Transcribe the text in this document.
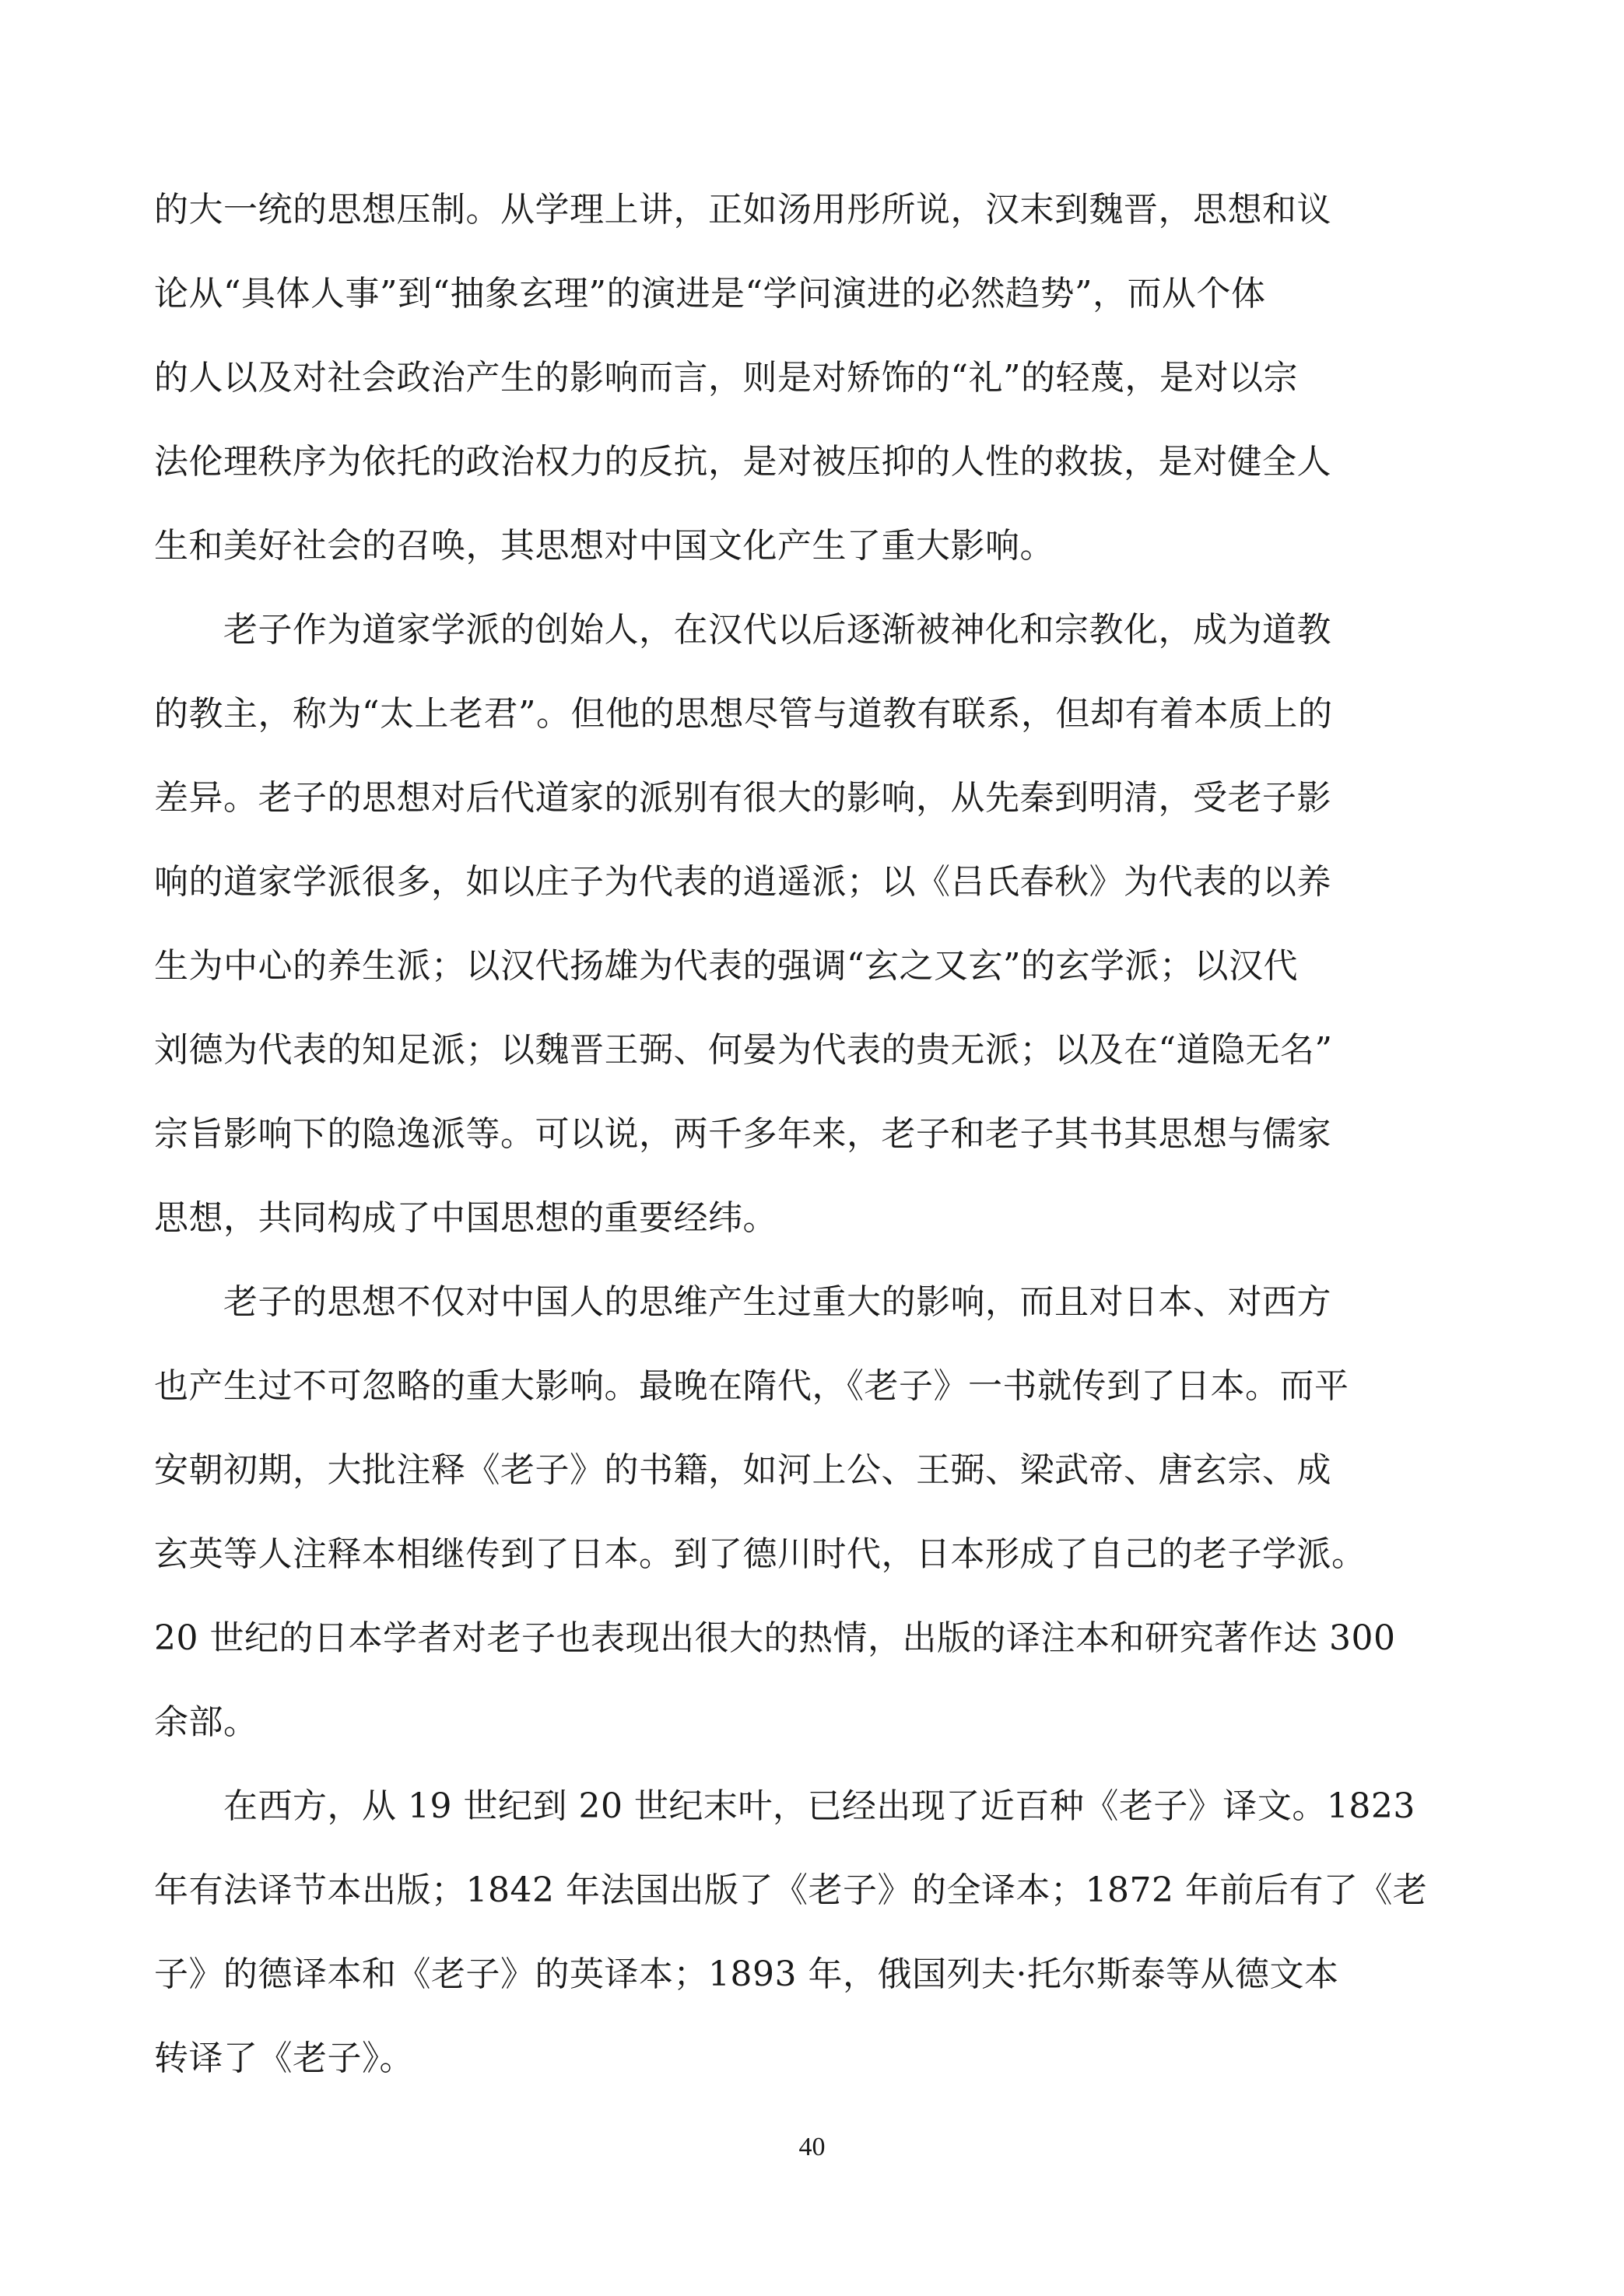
的大一统的思想压制。从学理上讲，正如汤用彤所说，汉末到魏晋，思想和议
论从“具体人事”到“抽象玄理”的演进是“学问演进的必然趋势”，而从个体
的人以及对社会政治产生的影响而言，则是对矫饰的“礼”的轻蔑，是对以宗
法伦理秩序为依托的政治权力的反抗，是对被压抑的人性的救拔，是对健全人
生和美好社会的召唤，其思想对中国文化产生了重大影响。
　　老子作为道家学派的创始人，在汉代以后逐渐被神化和宗教化，成为道教
的教主，称为“太上老君”。但他的思想尽管与道教有联系，但却有着本质上的
差异。老子的思想对后代道家的派别有很大的影响，从先秦到明清，受老子影
响的道家学派很多，如以庄子为代表的逍遥派；以《吕氏春秋》为代表的以养
生为中心的养生派；以汉代扬雄为代表的强调“玄之又玄”的玄学派；以汉代
刘德为代表的知足派；以魏晋王弼、何晏为代表的贵无派；以及在“道隐无名”
宗旨影响下的隐逸派等。可以说，两千多年来，老子和老子其书其思想与儒家
思想，共同构成了中国思想的重要经纬。
　　老子的思想不仅对中国人的思维产生过重大的影响，而且对日本、对西方
也产生过不可忽略的重大影响。最晚在隋代，《老子》一书就传到了日本。而平
安朝初期，大批注释《老子》的书籍，如河上公、王弼、梁武帝、唐玄宗、成
玄英等人注释本相继传到了日本。到了德川时代，日本形成了自己的老子学派。
20 世纪的日本学者对老子也表现出很大的热情，出版的译注本和研究著作达 300
余部。
　　在西方，从 19 世纪到 20 世纪末叶，已经出现了近百种《老子》译文。1823
年有法译节本出版；1842 年法国出版了《老子》的全译本；1872 年前后有了《老
子》的德译本和《老子》的英译本；1893 年，俄国列夫·托尔斯泰等从德文本
转译了《老子》。
40
